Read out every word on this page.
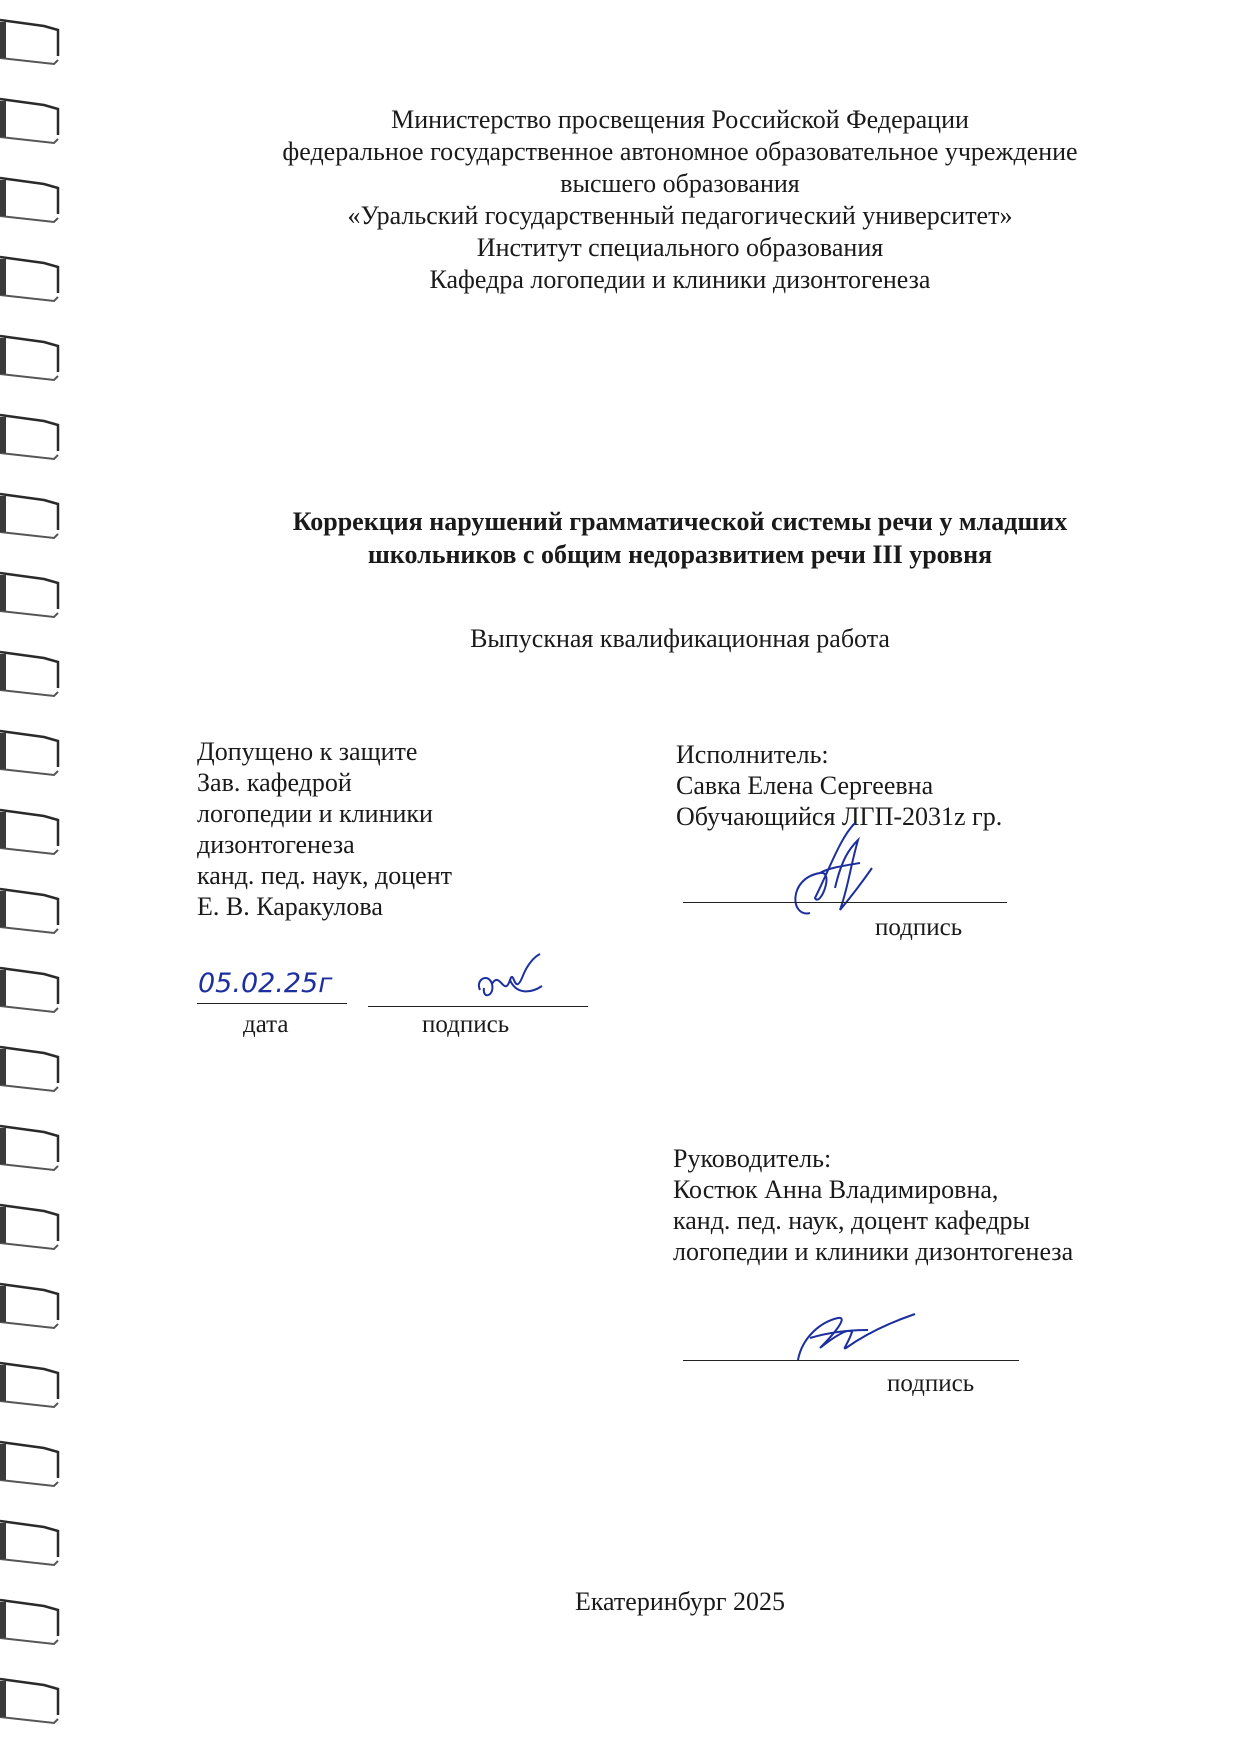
Министерство просвещения Российской Федерации
федеральное государственное автономное образовательное учреждение
высшего образования
«Уральский государственный педагогический университет»
Институт специального образования
Кафедра логопедии и клиники дизонтогенеза
Коррекция нарушений грамматической системы речи у младших
школьников с общим недоразвитием речи III уровня
Выпускная квалификационная работа
Допущено к защите
Зав. кафедрой
логопедии и клиники
дизонтогенеза
канд. пед. наук, доцент
Е. В. Каракулова
05.02.25г
дата	подпись
Исполнитель:
Савка Елена Сергеевна
Обучающийся ЛГП-2031z гр.
подпись
Руководитель:
Костюк Анна Владимировна,
канд. пед. наук, доцент кафедры
логопедии и клиники дизонтогенеза
подпись
Екатеринбург 2025
